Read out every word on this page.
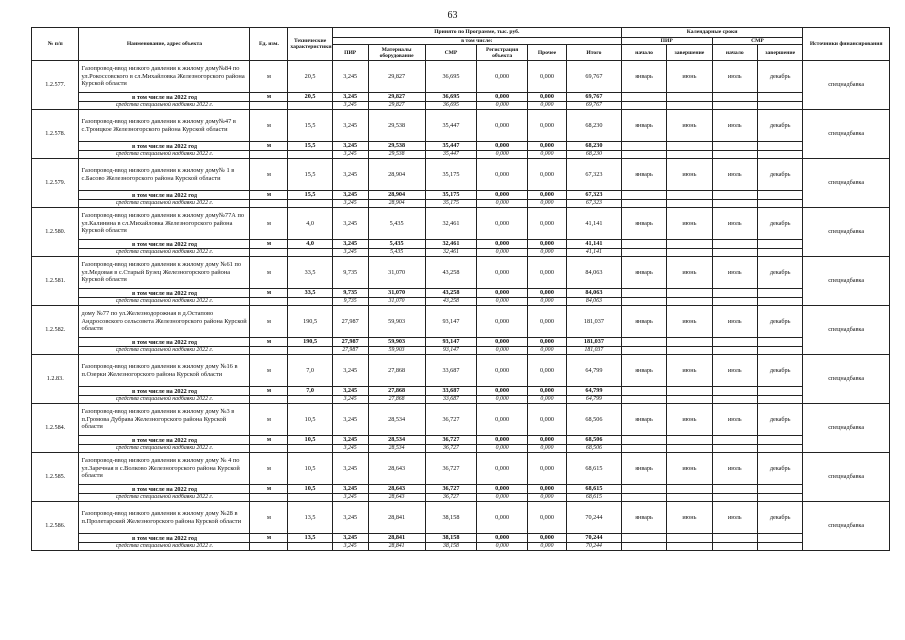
63
№ п/п	Наименование, адрес объекта	Ед. изм.	Технические характеристики	Принято по Программе, тыс. руб.						Календарные сроки				Источники финансирования
				в том числе:						ПИР		СМР		
				ПИР	Материалы оборудование	СМР	Регистрация объекта	Прочее	Итого	начало	завершение	начало	завершение	
1.2.577.	Газопровод-ввод низкого давления к жилому дому№84 по ул.Рокоссовского в сл.Михайловка Железногорского района Курской области	м	20,5	3,245	29,827	36,695	0,000	0,000	69,767	январь	июнь	июль	декабрь	спецнадбавка
	в том числе на 2022 год	м	20,5	3,245	29,827	36,695	0,000	0,000	69,767					
	средства специальной надбавки 2022 г.			3,245	29,827	36,695	0,000	0,000	69,767					
1.2.578.	Газопровод-ввод низкого давления к жилому дому№47 в с.Троицкое Железногорского района Курской области	м	15,5	3,245	29,538	35,447	0,000	0,000	68,230	январь	июнь	июль	декабрь	спецнадбавка
	в том числе на 2022 год	м	15,5	3,245	29,538	35,447	0,000	0,000	68,230					
	средства специальной надбавки 2022 г.			3,245	29,538	35,447	0,000	0,000	68,230					
1.2.579.	Газопровод-ввод низкого давления к жилому дому№ 1 в с.Басово Железногорского района Курской области	м	15,5	3,245	28,904	35,175	0,000	0,000	67,323	январь	июнь	июль	декабрь	спецнадбавка
	в том числе на 2022 год	м	15,5	3,245	28,904	35,175	0,000	0,000	67,323					
	средства специальной надбавки 2022 г.			3,245	28,904	35,175	0,000	0,000	67,323					
1.2.580.	Газопровод-ввод низкого давления к жилому дому№77А по ул.Калинина в сл.Михайловка Железногорского района Курской области	м	4,0	3,245	5,435	32,461	0,000	0,000	41,141	январь	июнь	июль	декабрь	спецнадбавка
	в том числе на 2022 год	м	4,0	3,245	5,435	32,461	0,000	0,000	41,141					
	средства специальной надбавки 2022 г.			3,245	5,435	32,461	0,000	0,000	41,141					
1.2.581.	Газопровод-ввод низкого давления к жилому дому №61 по ул.Медовая в с.Старый Бузец Железногорского района Курской области	м	33,5	9,735	31,070	43,258	0,000	0,000	84,063	январь	июнь	июль	декабрь	спецнадбавка
	в том числе на 2022 год	м	33,5	9,735	31,070	43,258	0,000	0,000	84,063					
	средства специальной надбавки 2022 г.			9,735	31,070	43,258	0,000	0,000	84,063					
1.2.582.	дому №77 по ул.Железнодорожная в д.Остапово Андросовского сельсовета Железногорского района Курской области	м	190,5	27,987	59,903	93,147	0,000	0,000	181,037	январь	июнь	июль	декабрь	спецнадбавка
	в том числе на 2022 год	м	190,5	27,987	59,903	93,147	0,000	0,000	181,037					
	средства специальной надбавки 2022 г.			27,987	59,903	93,147	0,000	0,000	181,037					
1.2.83.	Газопровод-ввод низкого давления к жилому дому №16 в п.Озерки Железногорского района Курской области	м	7,0	3,245	27,868	33,687	0,000	0,000	64,799	январь	июнь	июль	декабрь	спецнадбавка
	в том числе на 2022 год	м	7,0	3,245	27,868	33,687	0,000	0,000	64,799					
	средства специальной надбавки 2022 г.			3,245	27,868	33,687	0,000	0,000	64,799					
1.2.584.	Газопровод-ввод низкого давления к жилому дому №3 в п.Громова Дубрава Железногорского района Курской области	м	10,5	3,245	28,534	36,727	0,000	0,000	68,506	январь	июнь	июль	декабрь	спецнадбавка
	в том числе на 2022 год	м	10,5	3,245	28,534	36,727	0,000	0,000	68,506					
	средства специальной надбавки 2022 г.			3,245	28,534	36,727	0,000	0,000	68,506					
1.2.585.	Газопровод-ввод низкого давления к жилому дому № 4 по ул.Заречная в с.Волково Железногорского района Курской области	м	10,5	3,245	28,643	36,727	0,000	0,000	68,615	январь	июнь	июль	декабрь	спецнадбавка
	в том числе на 2022 год	м	10,5	3,245	28,643	36,727	0,000	0,000	68,615					
	средства специальной надбавки 2022 г.			3,245	28,643	36,727	0,000	0,000	68,615					
1.2.586.	Газопровод-ввод низкого давления к жилому дому №28 в п.Пролетарский Железногорского района Курской области	м	13,5	3,245	28,841	38,158	0,000	0,000	70,244	январь	июнь	июль	декабрь	спецнадбавка
	в том числе на 2022 год	м	13,5	3,245	28,841	38,158	0,000	0,000	70,244					
	средства специальной надбавки 2022 г.			3,245	28,841	38,158	0,000	0,000	70,244					
